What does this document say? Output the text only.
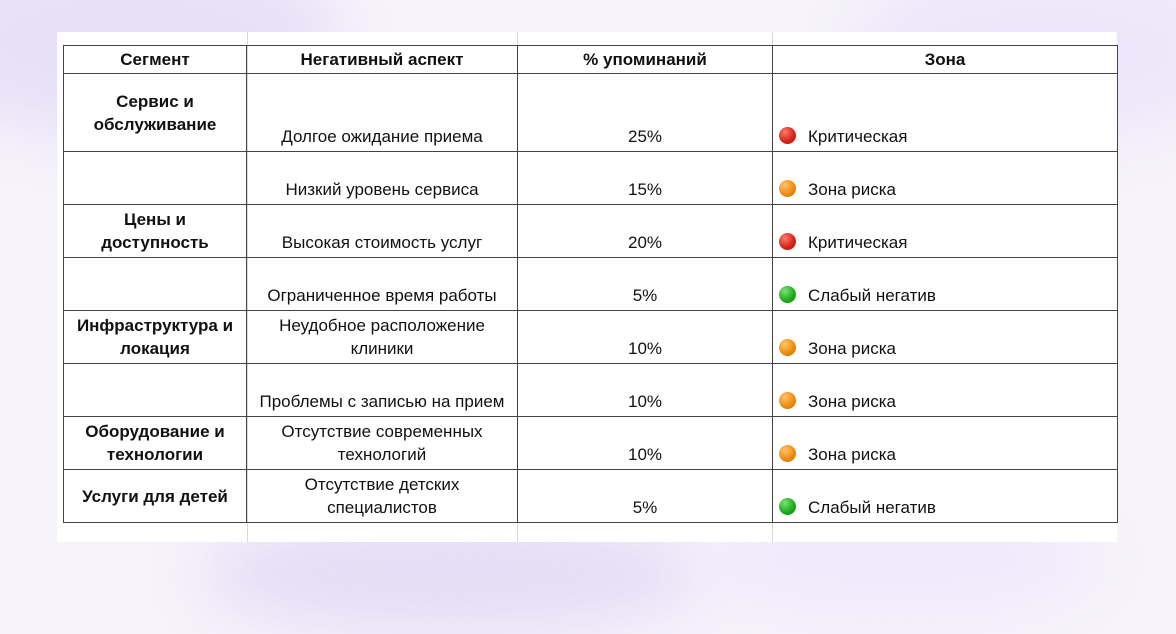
Сегмент	Негативный аспект	% упоминаний	Зона
Сервис и обслуживание	Долгое ожидание приема	25%	Критическая
	Низкий уровень сервиса	15%	Зона риска
Цены и доступность	Высокая стоимость услуг	20%	Критическая
	Ограниченное время работы	5%	Слабый негатив
Инфраструктура и локация	Неудобное расположение клиники	10%	Зона риска
	Проблемы с записью на прием	10%	Зона риска
Оборудование и технологии	Отсутствие современных технологий	10%	Зона риска
Услуги для детей	Отсутствие детских специалистов	5%	Слабый негатив
